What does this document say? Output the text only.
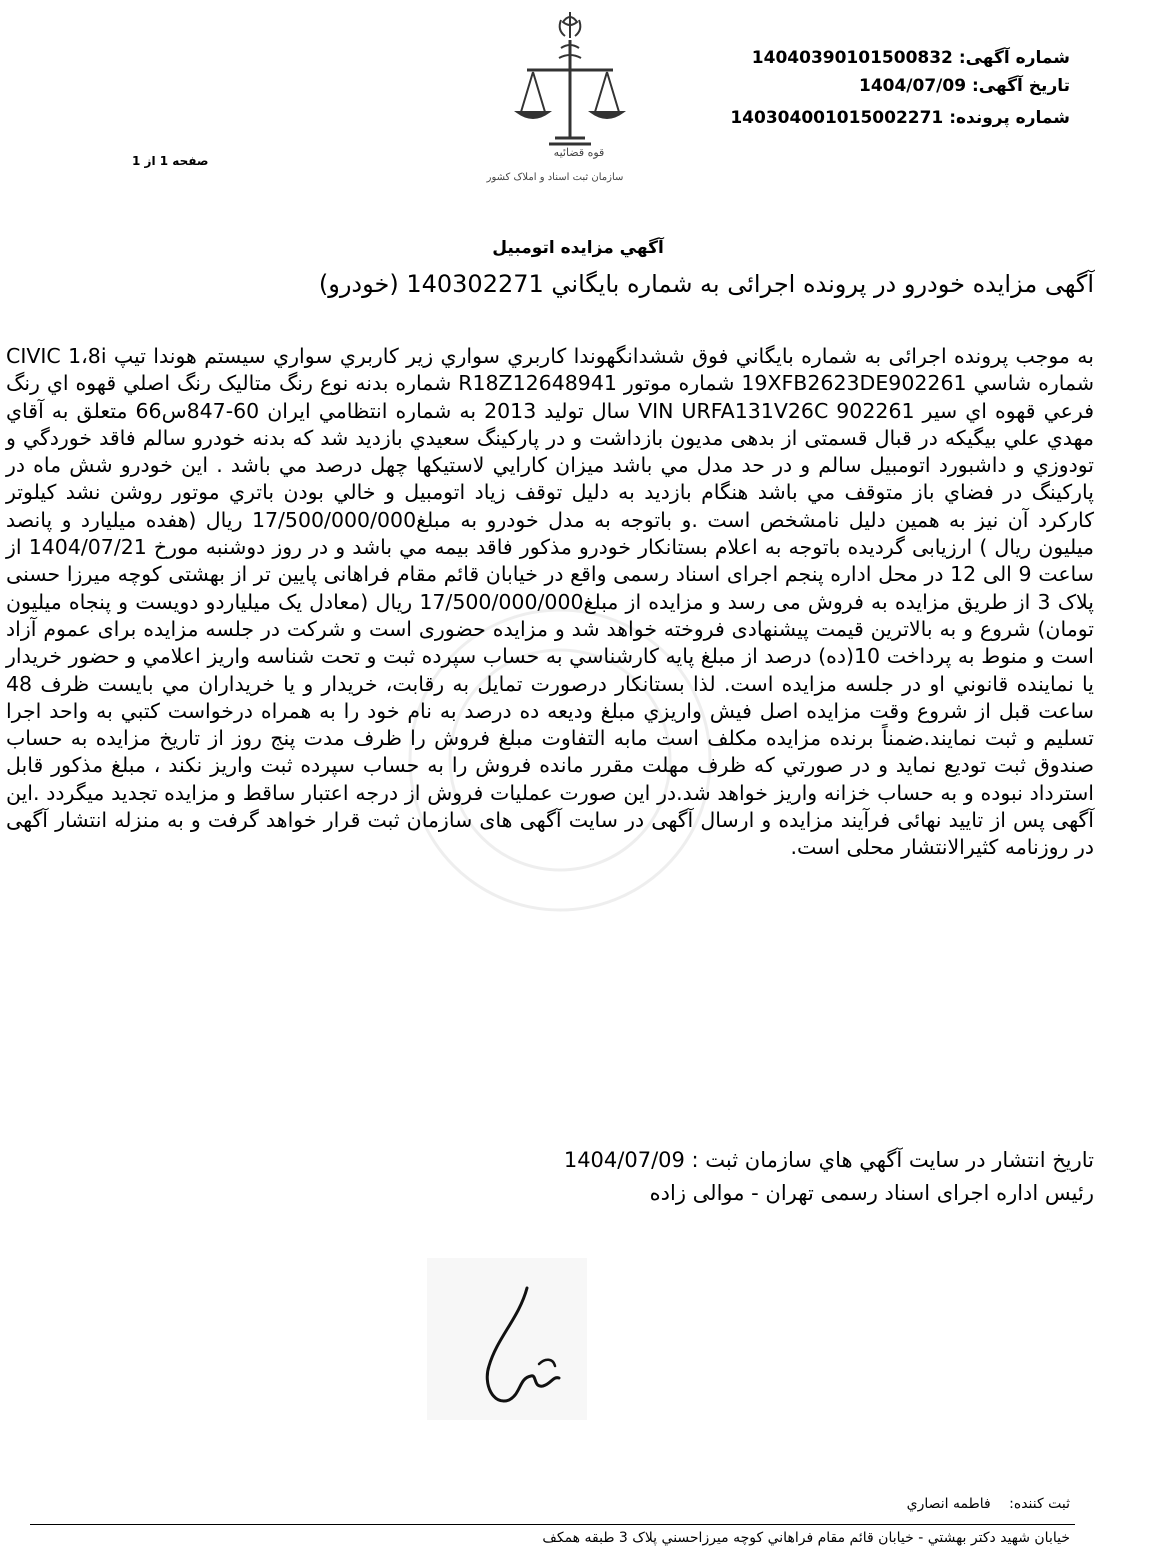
قوه قضائیه
سازمان ثبت اسناد و املاک کشور
شماره آگهی: 14040390101500832
تاریخ آگهی: 1404/07/09
شماره پرونده: 140304001015002271
صفحه 1 از 1
آگهي مزايده اتومبيل
آگهی مزایده خودرو در پرونده اجرائی به شماره بایگاني 140302271 (خودرو)
به موجب پرونده اجرائی به شماره بایگاني فوق ششدانگهوندا کاربري سواري زیر کاربري سواري سیستم هوندا تیپ CIVIC 1،8i شماره شاسي 19XFB2623DE902261 شماره موتور R18Z12648941 شماره بدنه نوع رنگ متالیک رنگ اصلي قهوه اي رنگ فرعي قهوه اي سیر VIN URFA131V26C 902261 سال تولید 2013 به شماره انتظامي ایران 60-847س66 متعلق به آقاي مهدي علي بیگیکه در قبال قسمتی از بدهی مدیون بازداشت و در پارکینگ سعیدي بازدید شد که بدنه خودرو سالم فاقد خوردگي و تودوزي و داشبورد اتومبیل سالم و در حد مدل مي باشد میزان کارایي لاستیکها چهل درصد مي باشد . این خودرو شش ماه در پارکینگ در فضاي باز متوقف مي باشد هنگام بازدید به دلیل توقف زیاد اتومبیل و خالي بودن باتري موتور روشن نشد کیلوتر کارکرد آن نیز به همین دلیل نامشخص است .و باتوجه به مدل خودرو به مبلغ17/500/000/000 ریال (هفده میلیارد و پانصد میلیون ریال ) ارزیابی گردیده باتوجه به اعلام بستانکار خودرو مذکور فاقد بیمه مي باشد و در روز دوشنبه مورخ 1404/07/21 از ساعت 9 الی 12 در محل اداره پنجم اجرای اسناد رسمی واقع در خیابان قائم مقام فراهانی پایین تر از بهشتی کوچه میرزا حسنی پلاک 3 از طریق مزایده به فروش می رسد و مزایده از مبلغ17/500/000/000 ریال (معادل یک میلیاردو دویست و پنجاه میلیون تومان) شروع و به بالاترین قیمت پیشنهادی فروخته خواهد شد و مزایده حضوری است و شرکت در جلسه مزایده برای عموم آزاد است و منوط به پرداخت 10(ده) درصد از مبلغ پایه کارشناسي به حساب سپرده ثبت و تحت شناسه واریز اعلامي و حضور خریدار یا نماینده قانوني او در جلسه مزایده است. لذا بستانکار درصورت تمایل به رقابت، خریدار و یا خریداران مي بایست ظرف 48 ساعت قبل از شروع وقت مزایده اصل فیش واریزي مبلغ ودیعه ده درصد به نام خود را به همراه درخواست کتبي به واحد اجرا تسلیم و ثبت نمایند.ضمناً برنده مزایده مکلف است مابه التفاوت مبلغ فروش را ظرف مدت پنج روز از تاریخ مزایده به حساب صندوق ثبت تودیع نماید و در صورتي که ظرف مهلت مقرر مانده فروش را به حساب سپرده ثبت واریز نکند ، مبلغ مذکور قابل استرداد نبوده و به حساب خزانه واریز خواهد شد.در این صورت عملیات فروش از درجه اعتبار ساقط و مزایده تجدید میگردد .این آگهی پس از تایید نهائی فرآیند مزایده و ارسال آگهی در سایت آگهی های سازمان ثبت قرار خواهد گرفت و به منزله انتشار آگهی در روزنامه کثیرالانتشار محلی است.
تاریخ انتشار در سایت آگهي هاي سازمان ثبت : 1404/07/09
رئیس اداره اجرای اسناد رسمی تهران - موالی زاده
ثبت کننده: فاطمه انصاري
خیابان شهید دکتر بهشتي - خیابان قائم مقام فراهاني کوچه میرزاحسني پلاک 3 طبقه همکف
